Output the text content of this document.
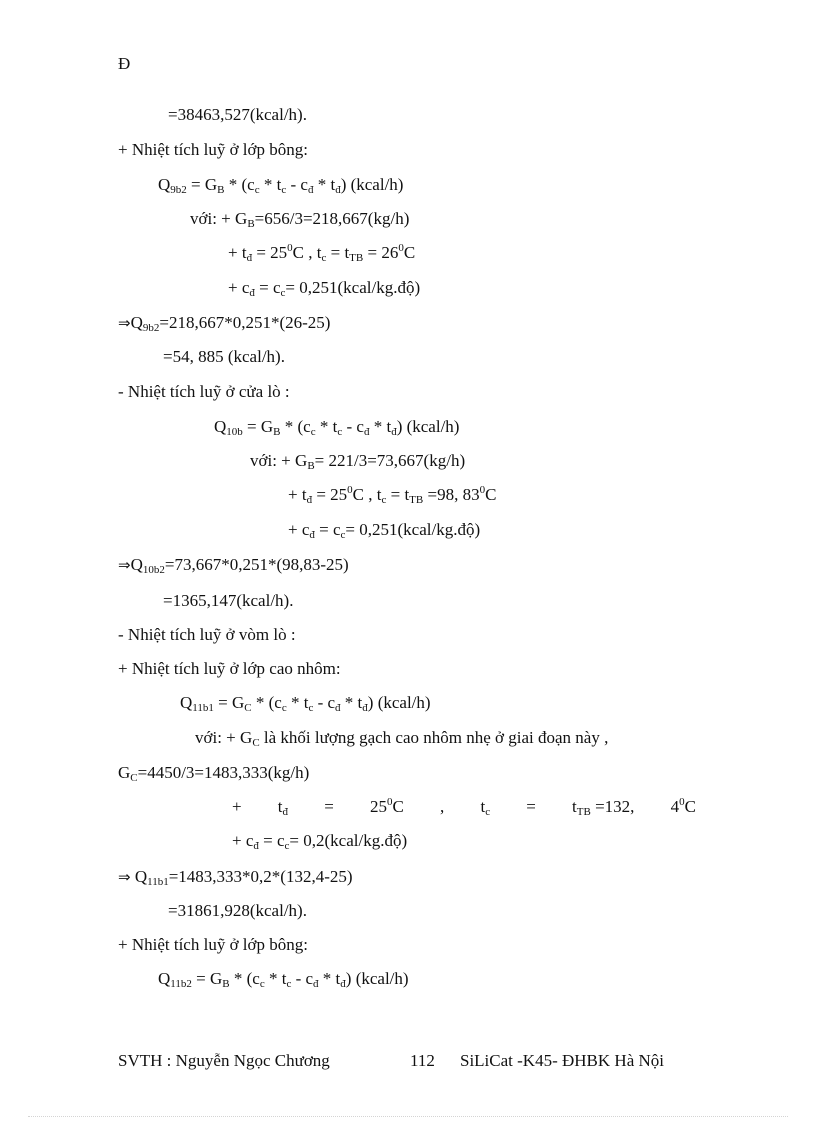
Đ
=38463,527(kcal/h).
+ Nhiệt tích luỹ ở lớp bông:
$Q_{9b2} = G_B * (c_c * t_c - c_đ * t_đ)$ (kcal/h)
với: + $G_B=656/3=218,667(kg/h)$
+ $t_đ = 25^0C$ , $t_c = t_{TB} = 26^0C$
+ $c_đ = c_c=$ 0,251(kcal/kg.độ)
$\Rightarrow Q_{9b2}=218,667*0,251*(26-25)$
=54, 885 (kcal/h).
- Nhiệt tích luỹ ở cửa lò :
$Q_{10b} = G_B * (c_c * t_c - c_đ * t_đ)$ (kcal/h)
với: + $G_B= 221/3=73,667(kg/h)$
+ $t_đ = 25^0C$ , $t_c = t_{TB} =98$, $83^0C$
+ $c_đ = c_c=$ 0,251(kcal/kg.độ)
$\Rightarrow Q_{10b2}=73,667*0,251*(98,83-25)$
=1365,147(kcal/h).
- Nhiệt tích luỹ ở vòm lò :
+ Nhiệt tích luỹ ở lớp cao nhôm:
$Q_{11b1} = G_C * (c_c * t_c - c_đ * t_đ)$ (kcal/h)
với: + $G_C$ là khối lượng gạch cao nhôm nhẹ ở giai đoạn này ,
$G_C=4450/3=1483,333(kg/h)$
+ $t_đ = 25^0C$ , $t_c = t_{TB} =132$, $4^0C$
+ $c_đ = c_c=$ 0,2(kcal/kg.độ)
⇒ $Q_{11b1}=1483,333*0,2*(132,4-25)$
=31861,928(kcal/h).
+ Nhiệt tích luỹ ở lớp bông:
$Q_{11b2} = G_B * (c_c * t_c - c_đ * t_đ)$ (kcal/h)
SVTH : Nguyễn Ngọc Chương	112 SiLiCat -K45- ĐHBK Hà Nội
